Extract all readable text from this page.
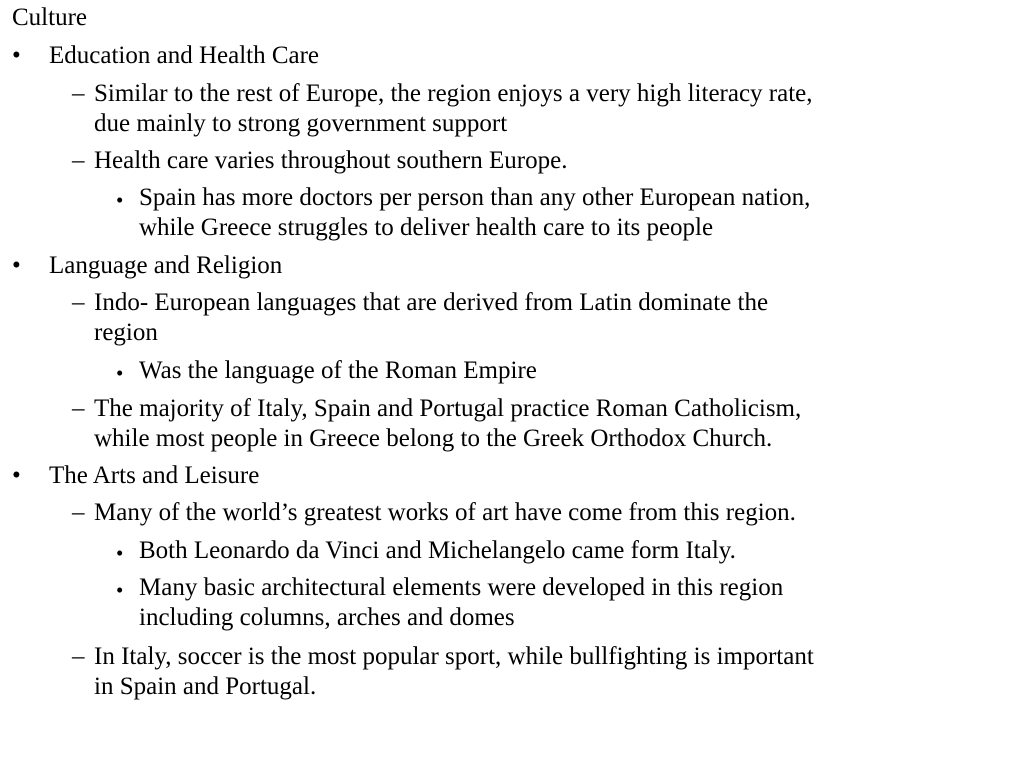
Culture
• Education and Health Care
– Similar to the rest of Europe, the region enjoys a very high literacy rate,
due mainly to strong government support
– Health care varies throughout southern Europe.
• Spain has more doctors per person than any other European nation,
while Greece struggles to deliver health care to its people
• Language and Religion
– Indo- European languages that are derived from Latin dominate the
region
• Was the language of the Roman Empire
– The majority of Italy, Spain and Portugal practice Roman Catholicism,
while most people in Greece belong to the Greek Orthodox Church.
• The Arts and Leisure
– Many of the world’s greatest works of art have come from this region.
• Both Leonardo da Vinci and Michelangelo came form Italy.
• Many basic architectural elements were developed in this region
including columns, arches and domes
– In Italy, soccer is the most popular sport, while bullfighting is important
in Spain and Portugal.
